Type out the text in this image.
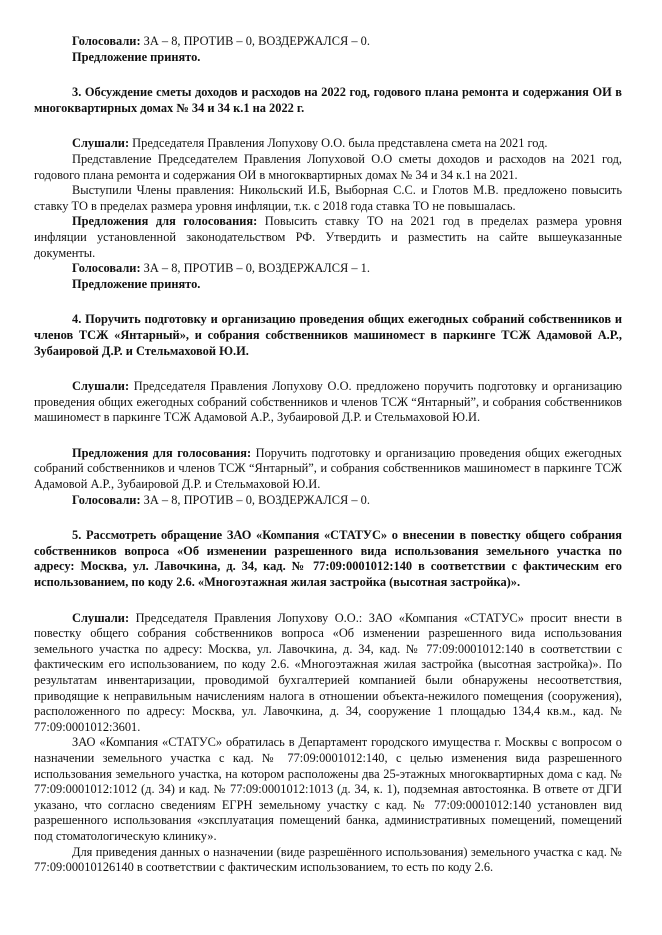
Голосовали: ЗА – 8, ПРОТИВ – 0, ВОЗДЕРЖАЛСЯ – 0.

Предложение принято.

3. Обсуждение сметы доходов и расходов на 2022 год, годового плана ремонта и содержания ОИ в многоквартирных домах № 34 и 34 к.1 на 2022 г.

Слушали: Председателя Правления Лопухову О.О. была представлена смета на 2021 год.

Представление Председателем Правления Лопуховой О.О сметы доходов и расходов на 2021 год, годового плана ремонта и содержания ОИ в многоквартирных домах № 34 и 34 к.1 на 2021.

Выступили Члены правления: Никольский И.Б, Выборная С.С. и Глотов М.В. предложено повысить ставку ТО в пределах размера уровня инфляции, т.к. с 2018 года ставка ТО не повышалась.

Предложения для голосования: Повысить ставку ТО на 2021 год в пределах размера уровня инфляции установленной законодательством РФ. Утвердить и разместить на сайте вышеуказанные документы.

Голосовали: ЗА – 8, ПРОТИВ – 0, ВОЗДЕРЖАЛСЯ – 1.

Предложение принято.

4. Поручить подготовку и организацию проведения общих ежегодных собраний собственников и членов ТСЖ «Янтарный», и собрания собственников машиномест в паркинге ТСЖ Адамовой А.Р., Зубаировой Д.Р. и Стельмаховой Ю.И.

Слушали: Председателя Правления Лопухову О.О. предложено поручить подготовку и организацию проведения общих ежегодных собраний собственников и членов ТСЖ “Янтарный”, и собрания собственников машиномест в паркинге ТСЖ Адамовой А.Р., Зубаировой Д.Р. и Стельмаховой Ю.И.

Предложения для голосования: Поручить подготовку и организацию проведения общих ежегодных собраний собственников и членов ТСЖ “Янтарный”, и собрания собственников машиномест в паркинге ТСЖ Адамовой А.Р., Зубаировой Д.Р. и Стельмаховой Ю.И.

Голосовали: ЗА – 8, ПРОТИВ – 0, ВОЗДЕРЖАЛСЯ – 0.

5. Рассмотреть обращение ЗАО «Компания «СТАТУС» о внесении в повестку общего собрания собственников вопроса «Об изменении разрешенного вида использования земельного участка по адресу: Москва, ул. Лавочкина, д. 34, кад. № 77:09:0001012:140 в соответствии с фактическим его использованием, по коду 2.6. «Многоэтажная жилая застройка (высотная застройка)».

Слушали: Председателя Правления Лопухову О.О.: ЗАО «Компания «СТАТУС» просит внести в повестку общего собрания собственников вопроса «Об изменении разрешенного вида использования земельного участка по адресу: Москва, ул. Лавочкина, д. 34, кад. № 77:09:0001012:140 в соответствии с фактическим его использованием, по коду 2.6. «Многоэтажная жилая застройка (высотная застройка)». По результатам инвентаризации, проводимой бухгалтерией компанией были обнаружены несоответствия, приводящие к неправильным начислениям налога в отношении объекта-нежилого помещения (сооружения), расположенного по адресу: Москва, ул. Лавочкина, д. 34, сооружение 1 площадью 134,4 кв.м., кад. № 77:09:0001012:3601.

ЗАО «Компания «СТАТУС» обратилась в Департамент городского имущества г. Москвы с вопросом о назначении земельного участка с кад. № 77:09:0001012:140, с целью изменения вида разрешенного использования земельного участка, на котором расположены два 25-этажных многоквартирных дома с кад. № 77:09:0001012:1012 (д. 34) и кад. № 77:09:0001012:1013 (д. 34, к. 1), подземная автостоянка. В ответе от ДГИ указано, что согласно сведениям ЕГРН земельному участку с кад. № 77:09:0001012:140 установлен вид разрешенного использования «эксплуатация помещений банка, административных помещений, помещений под стоматологическую клинику».

Для приведения данных о назначении (виде разрешённого использования) земельного участка с кад. № 77:09:00010126140 в соответствии с фактическим использованием, то есть по коду 2.6.
